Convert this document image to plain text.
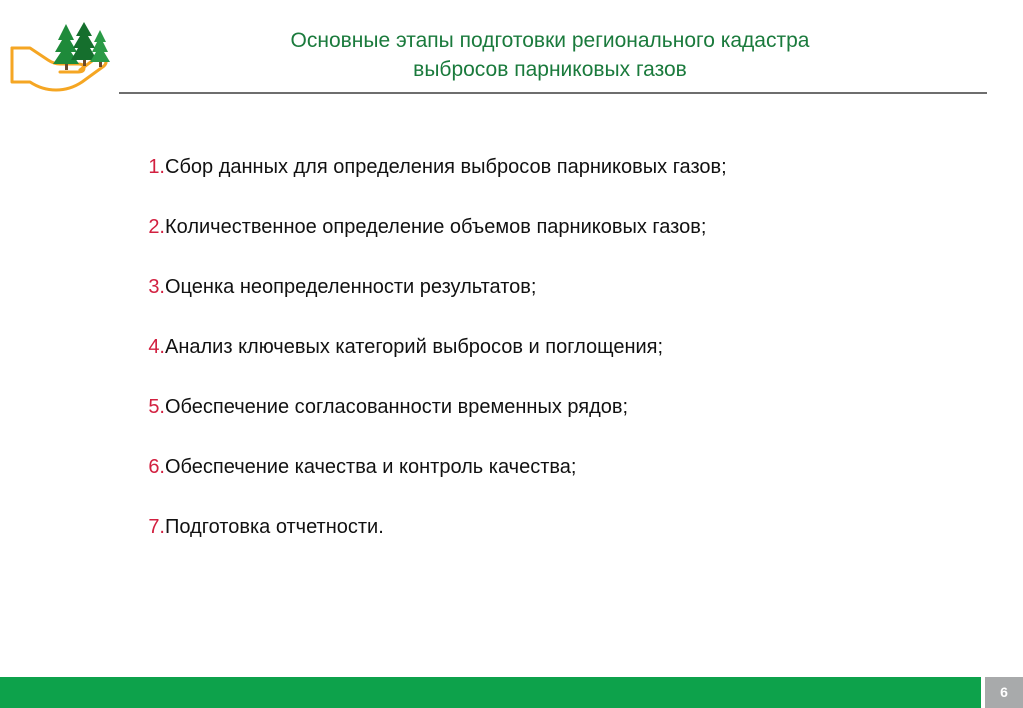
Основные этапы подготовки регионального кадастра
выбросов парниковых газов
1. Сбор данных для определения выбросов парниковых газов;
2. Количественное определение объемов парниковых газов;
3. Оценка неопределенности результатов;
4. Анализ ключевых категорий выбросов и поглощения;
5. Обеспечение согласованности временных рядов;
6. Обеспечение качества и контроль качества;
7. Подготовка отчетности.
6
